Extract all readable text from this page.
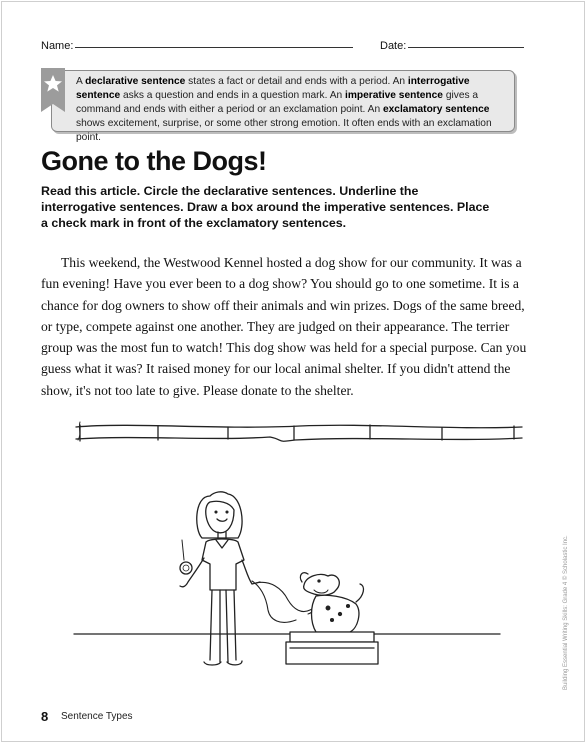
Name:	Date:
A declarative sentence states a fact or detail and ends with a period. An interrogative sentence asks a question and ends in a question mark. An imperative sentence gives a command and ends with either a period or an exclamation point. An exclamatory sentence shows excitement, surprise, or some other strong emotion. It often ends with an exclamation point.
Gone to the Dogs!
Read this article. Circle the declarative sentences. Underline the interrogative sentences. Draw a box around the imperative sentences. Place a check mark in front of the exclamatory sentences.
This weekend, the Westwood Kennel hosted a dog show for our community. It was a fun evening! Have you ever been to a dog show? You should go to one sometime. It is a chance for dog owners to show off their animals and win prizes. Dogs of the same breed, or type, compete against one another. They are judged on their appearance. The terrier group was the most fun to watch! This dog show was held for a special purpose. Can you guess what it was? It raised money for our local animal shelter. If you didn't attend the show, it's not too late to give. Please donate to the shelter.
8 Sentence Types
Building Essential Writing Skills: Grade 4 © Scholastic Inc.
